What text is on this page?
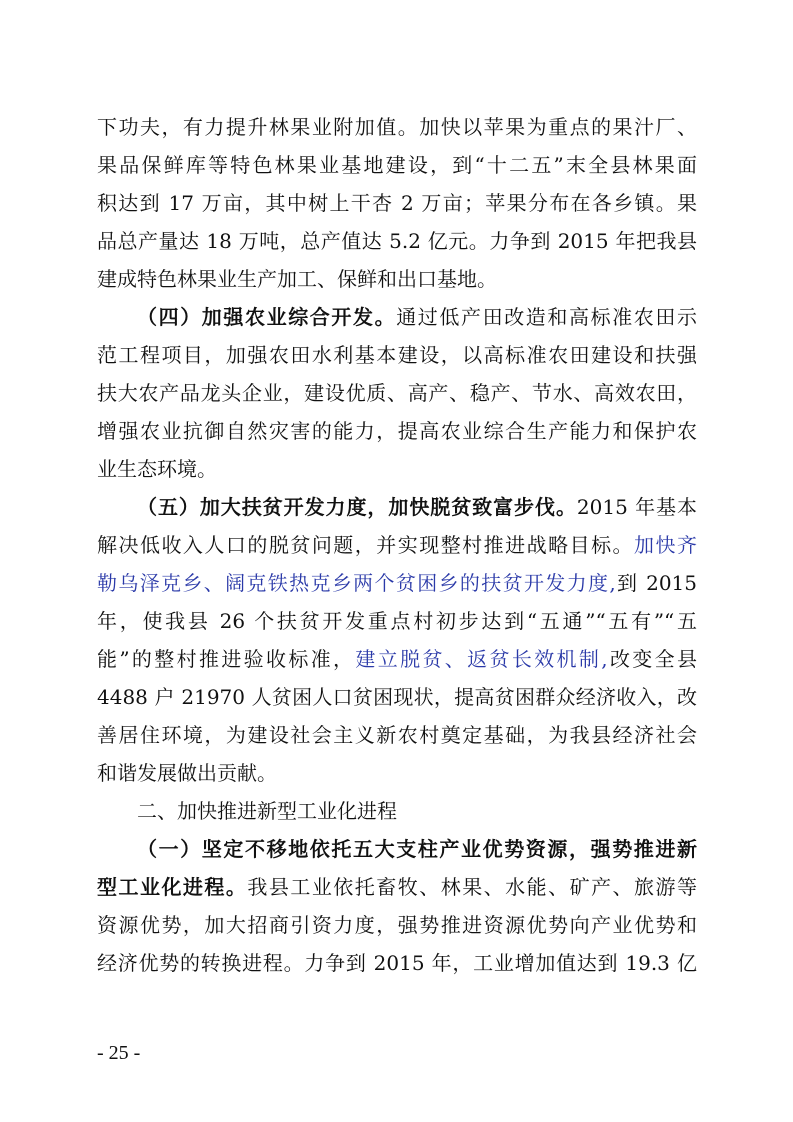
下功夫，有力提升林果业附加值。加快以苹果为重点的果汁厂、
果品保鲜库等特色林果业基地建设，到“十二五”末全县林果面
积达到 17 万亩，其中树上干杏 2 万亩；苹果分布在各乡镇。果
品总产量达 18 万吨，总产值达 5.2 亿元。力争到 2015 年把我县
建成特色林果业生产加工、保鲜和出口基地。
（四）加强农业综合开发。通过低产田改造和高标准农田示
范工程项目，加强农田水利基本建设，以高标准农田建设和扶强
扶大农产品龙头企业，建设优质、高产、稳产、节水、高效农田，
增强农业抗御自然灾害的能力，提高农业综合生产能力和保护农
业生态环境。
（五）加大扶贫开发力度，加快脱贫致富步伐。2015 年基本
解决低收入人口的脱贫问题，并实现整村推进战略目标。加快齐
勒乌泽克乡、阔克铁热克乡两个贫困乡的扶贫开发力度,到 2015
年，使我县 26 个扶贫开发重点村初步达到“五通”“五有”“五
能”的整村推进验收标准，建立脱贫、返贫长效机制,改变全县
4488 户 21970 人贫困人口贫困现状，提高贫困群众经济收入，改
善居住环境，为建设社会主义新农村奠定基础，为我县经济社会
二、加快推进新型工业化进程
（一）坚定不移地依托五大支柱产业优势资源，强势推进新
型工业化进程。我县工业依托畜牧、林果、水能、矿产、旅游等
资源优势，加大招商引资力度，强势推进资源优势向产业优势和
经济优势的转换进程。力争到 2015 年，工业增加值达到 19.3 亿
- 25 -
和谐发展做出贡献。
